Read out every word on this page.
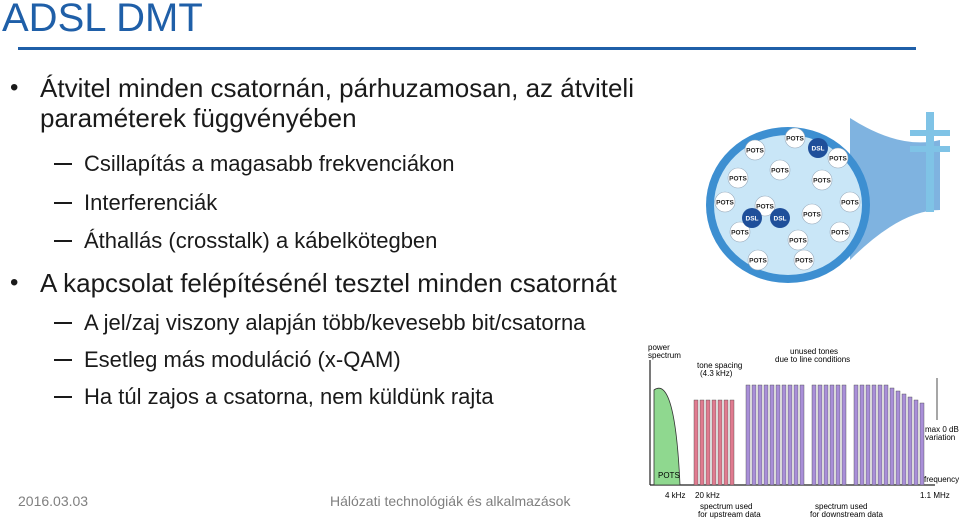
ADSL DMT
• Átvitel minden csatornán, párhuzamosan, az átviteli
paraméterek függvényében
Csillapítás a magasabb frekvenciákon
Interferenciák
Áthallás (crosstalk) a kábelkötegben
• A kapcsolat felépítésénél tesztel minden csatornát
A jel/zaj viszony alapján több/kevesebb bit/csatorna
Esetleg más moduláció (x-QAM)
Ha túl zajos a csatorna, nem küldünk rajta
2016.03.03	Hálózati technológiák és alkalmazások
POTS
POTS
POTS
POTS
POTS
POTS
POTS
POTS
POTS
POTS
POTS
POTS
POTS
POTS	POTS
DSL
DSL
DSL
power
spectrum
POTS
tone spacing
(4.3 kHz)
unused tones
due to line conditions
max 0 dB
variation
frequency
4 kHz 20 kHz	1.1 MHz
spectrum used
for upstream data
spectrum used
for downstream data
